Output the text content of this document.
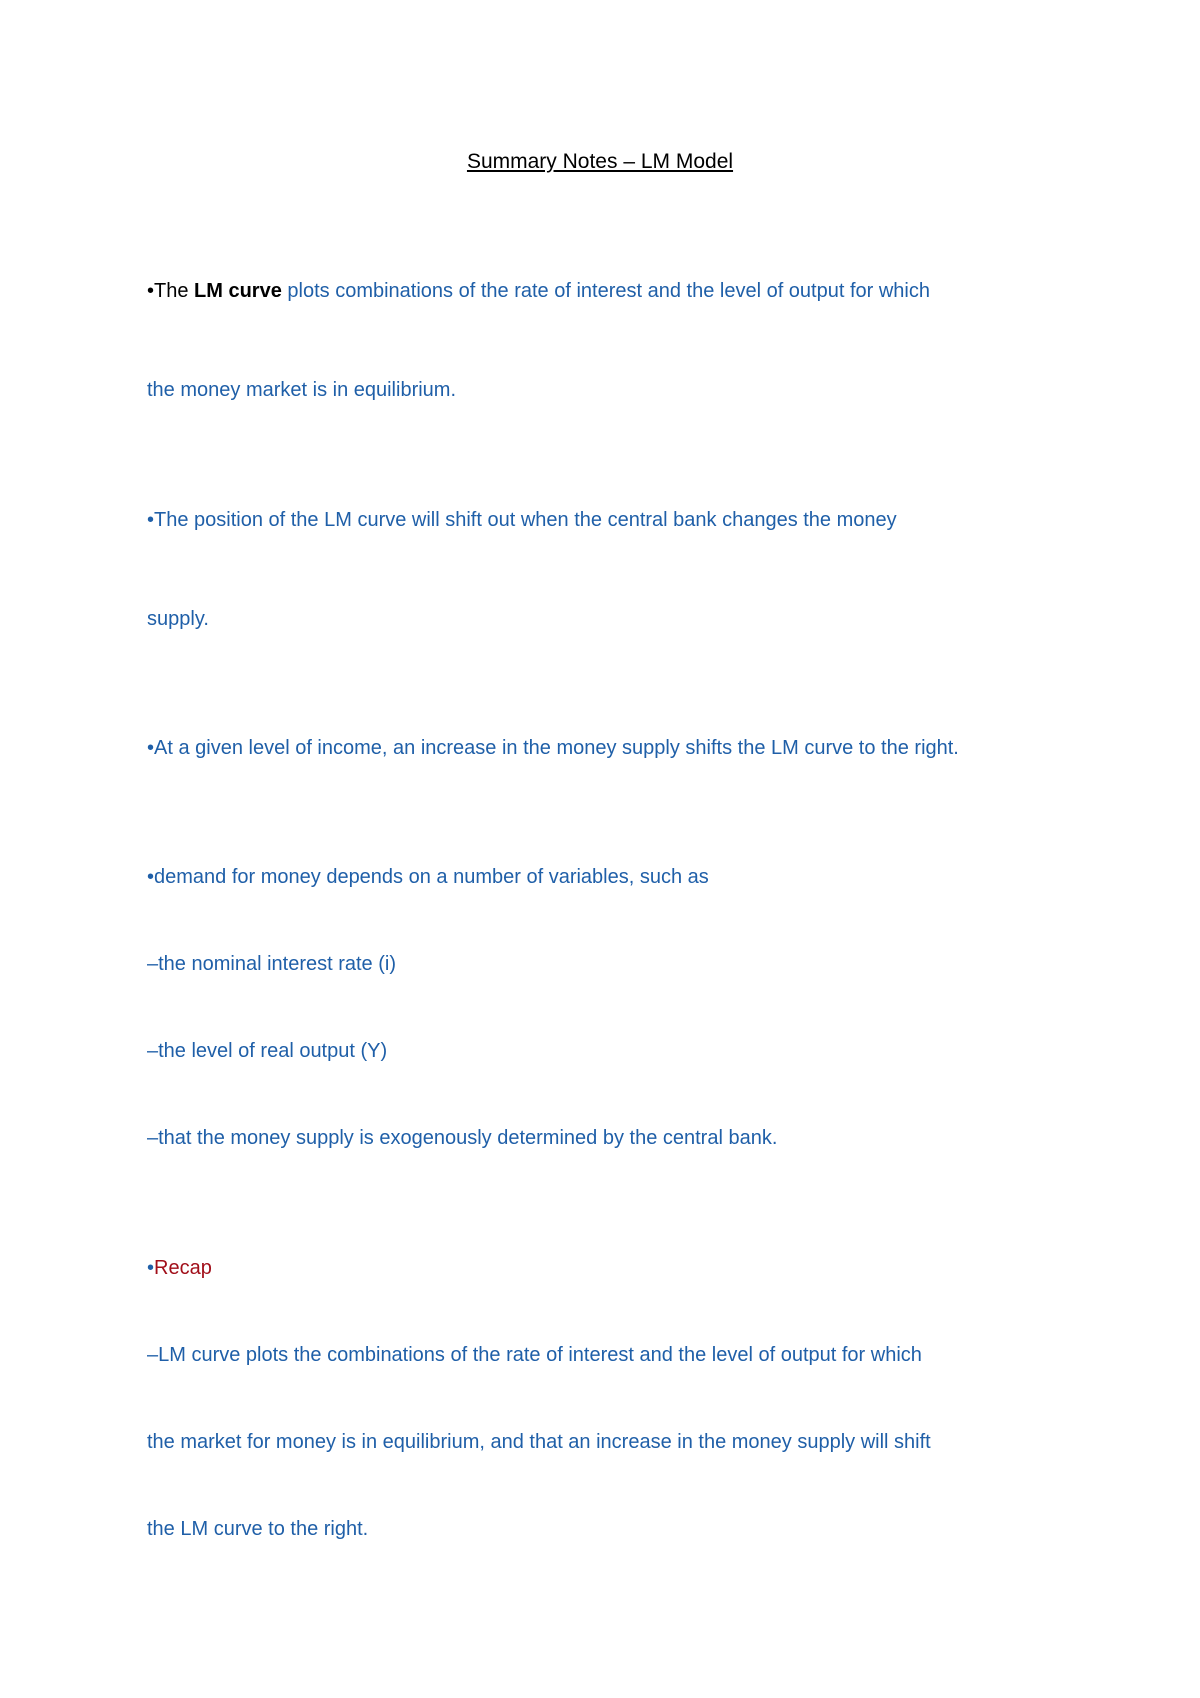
Summary Notes – LM Model
•The LM curve plots combinations of the rate of interest and the level of output for which
the money market is in equilibrium.
•The position of the LM curve will shift out when the central bank changes the money
supply.
•At a given level of income, an increase in the money supply shifts the LM curve to the right.
•demand for money depends on a number of variables, such as
–the nominal interest rate (i)
–the level of real output (Y)
–that the money supply is exogenously determined by the central bank.
•Recap
–LM curve plots the combinations of the rate of interest and the level of output for which
the market for money is in equilibrium, and that an increase in the money supply will shift
the LM curve to the right.
